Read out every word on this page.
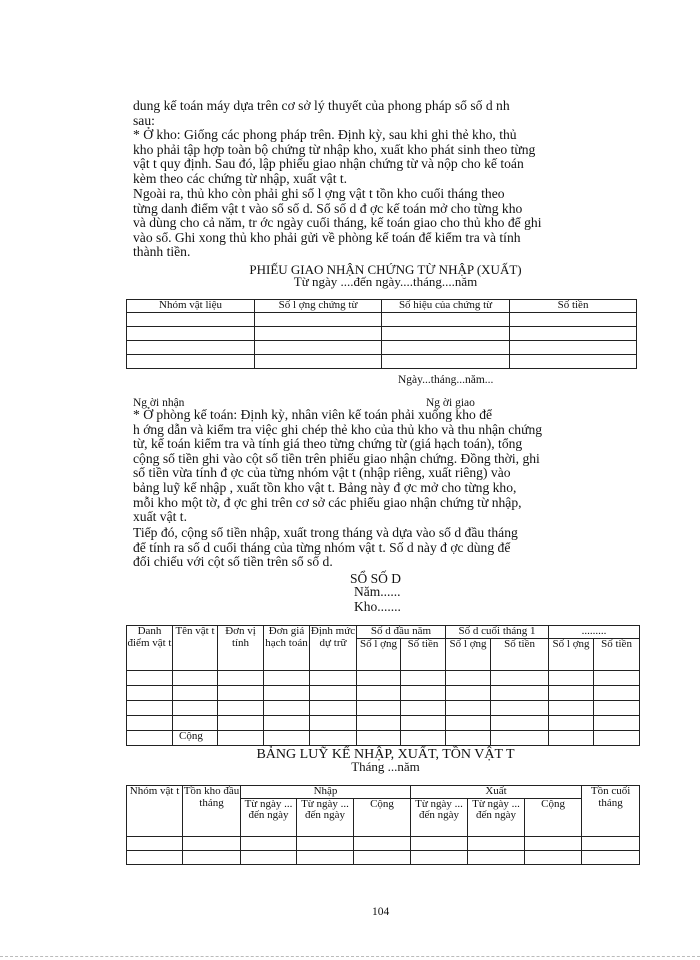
dung kế toán máy dựa trên cơ sở lý thuyết của phong pháp sổ số d nh
sau:

* Ở kho: Giống các phong pháp trên. Định kỳ, sau khi ghi thẻ kho, thủ
kho phải tập hợp toàn bộ chứng từ nhập kho, xuất kho phát sinh theo từng
vật t quy định. Sau đó, lập phiếu giao nhận chứng từ và nộp cho kế toán
kèm theo các chứng từ nhập, xuất vật t.

Ngoài ra, thủ kho còn phải ghi số l ợng vật t tồn kho cuối tháng theo
từng danh điểm vật t vào sổ số d. Sổ số d đ ợc kế toán mở cho từng kho
và dùng cho cả năm, tr ớc ngày cuối tháng, kế toán giao cho thủ kho để ghi
vào sổ. Ghi xong thủ kho phải gửi về phòng kế toán để kiểm tra và tính
thành tiền.

PHIẾU GIAO NHẬN CHỨNG TỪ NHẬP (XUẤT)

Từ ngày ....đến ngày....tháng....năm

Nhóm vật liệu	Số l ợng chứng từ	Số hiệu của chứng từ	Số tiền

Ngày...tháng...năm...

Ng ời nhận	Ng ời giao

* Ở phòng kế toán: Định kỳ, nhân viên kế toán phải xuống kho để
h ớng dẫn và kiểm tra việc ghi chép thẻ kho của thủ kho và thu nhận chứng
từ, kế toán kiểm tra và tính giá theo từng chứng từ (giá hạch toán), tổng
cộng số tiền ghi vào cột số tiền trên phiếu giao nhận chứng. Đồng thời, ghi
số tiền vừa tính đ ợc của từng nhóm vật t (nhập riêng, xuất riêng) vào
bảng luỹ kế nhập , xuất tồn kho vật t. Bảng này đ ợc mở cho từng kho,
mỗi kho một tờ, đ ợc ghi trên cơ sở các phiếu giao nhận chứng từ nhập,
xuất vật t.

Tiếp đó, cộng số tiền nhập, xuất trong tháng và dựa vào số d đầu tháng
để tính ra số d cuối tháng của từng nhóm vật t. Số d này đ ợc dùng để
đối chiếu với cột số tiền trên sổ số d.

SỔ SỐ D

Năm......

Kho.......

Danh điểm vật t	Tên vật t	Đơn vị tính	Đơn giá hạch toán	Định mức dự trữ	Số d đầu năm		Số d cuối tháng 1		.........	
					Số l ợng	Số tiền	Số l ợng	Số tiền	Số l ợng	Số tiền

	Cộng									

BẢNG LUỸ KẾ NHẬP, XUẤT, TỒN VẬT T

Tháng ...năm

Nhóm vật t	Tồn kho đầu tháng	Nhập			Xuất			Tồn cuối tháng
		Từ ngày ... đến ngày	Từ ngày ... đến ngày	Cộng	Từ ngày ... đến ngày	Từ ngày ... đến ngày	Cộng	

104
